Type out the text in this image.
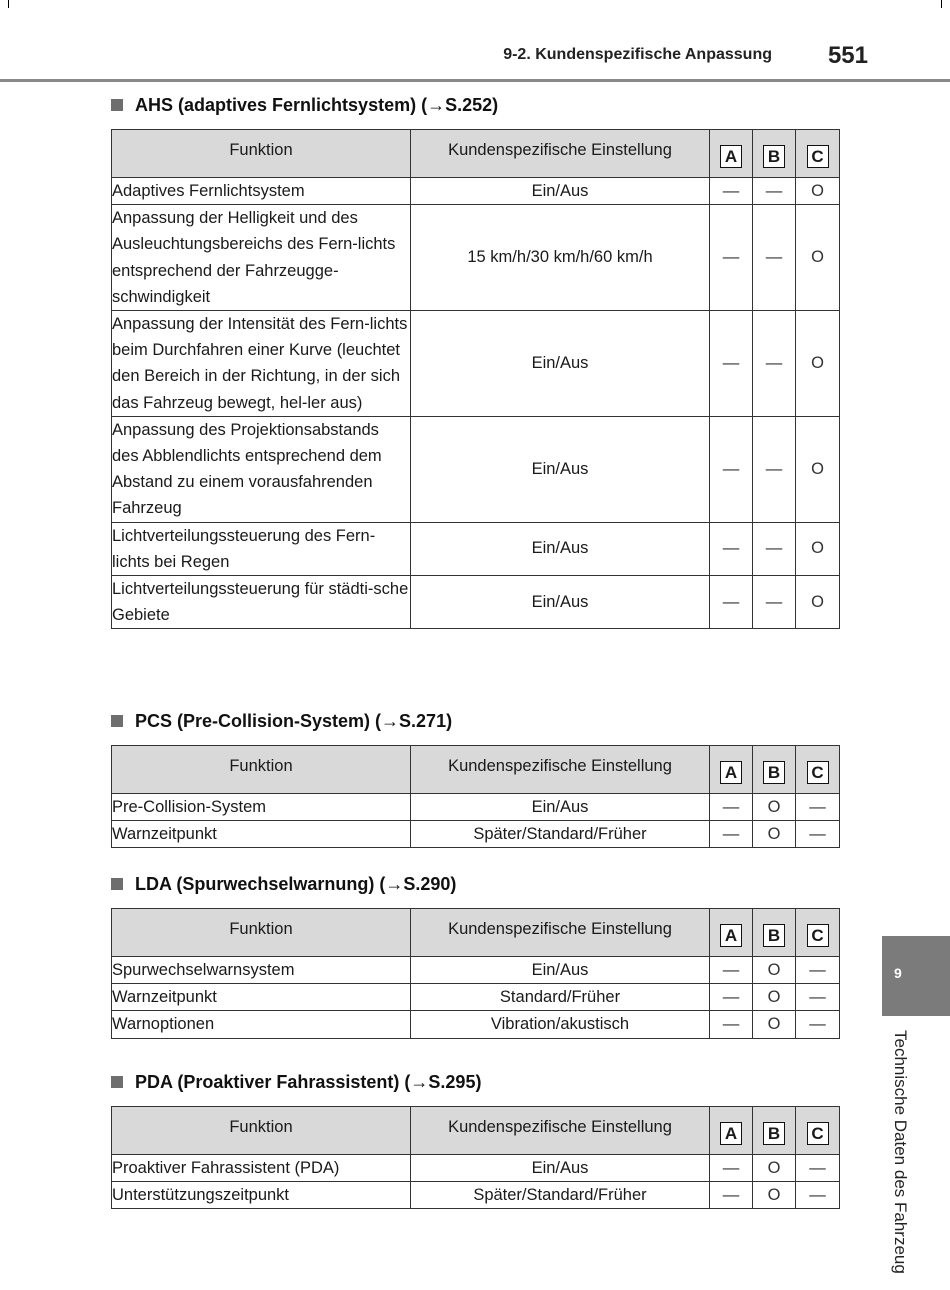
9-2. Kundenspezifische Anpassung 551
AHS (adaptives Fernlichtsystem) (→S.252)
Funktion	Kundenspezifische Einstellung	A	B	C
Adaptives Fernlichtsystem	Ein/Aus	—	—	O
Anpassung der Helligkeit und des Ausleuchtungsbereichs des Fern-lichts entsprechend der Fahrzeugge-schwindigkeit	15 km/h/30 km/h/60 km/h	—	—	O
Anpassung der Intensität des Fern-lichts beim Durchfahren einer Kurve (leuchtet den Bereich in der Richtung, in der sich das Fahrzeug bewegt, hel-ler aus)	Ein/Aus	—	—	O
Anpassung des Projektionsabstands des Abblendlichts entsprechend dem Abstand zu einem vorausfahrenden Fahrzeug	Ein/Aus	—	—	O
Lichtverteilungssteuerung des Fern-lichts bei Regen	Ein/Aus	—	—	O
Lichtverteilungssteuerung für städti-sche Gebiete	Ein/Aus	—	—	O
PCS (Pre-Collision-System) (→S.271)
Funktion	Kundenspezifische Einstellung	A	B	C
Pre-Collision-System	Ein/Aus	—	O	—
Warnzeitpunkt	Später/Standard/Früher	—	O	—
LDA (Spurwechselwarnung) (→S.290)
Funktion	Kundenspezifische Einstellung	A	B	C
Spurwechselwarnsystem	Ein/Aus	—	O	—
Warnzeitpunkt	Standard/Früher	—	O	—
Warnoptionen	Vibration/akustisch	—	O	—
PDA (Proaktiver Fahrassistent) (→S.295)
Funktion	Kundenspezifische Einstellung	A	B	C
Proaktiver Fahrassistent (PDA)	Ein/Aus	—	O	—
Unterstützungszeitpunkt	Später/Standard/Früher	—	O	—
9
Technische Daten des Fahrzeug
